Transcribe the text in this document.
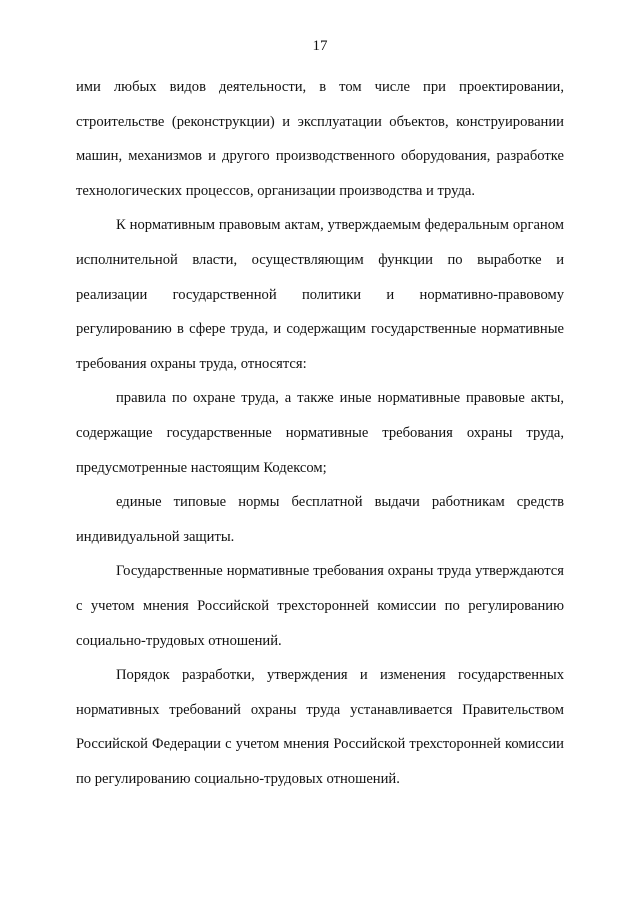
17

ими любых видов деятельности, в том числе при проектировании, строительстве (реконструкции) и эксплуатации объектов, конструировании машин, механизмов и другого производственного оборудования, разработке технологических процессов, организации производства и труда.

К нормативным правовым актам, утверждаемым федеральным органом исполнительной власти, осуществляющим функции по выработке и реализации государственной политики и нормативно-правовому регулированию в сфере труда, и содержащим государственные нормативные требования охраны труда, относятся:

правила по охране труда, а также иные нормативные правовые акты, содержащие государственные нормативные требования охраны труда, предусмотренные настоящим Кодексом;

единые типовые нормы бесплатной выдачи работникам средств индивидуальной защиты.

Государственные нормативные требования охраны труда утверждаются с учетом мнения Российской трехсторонней комиссии по регулированию социально-трудовых отношений.

Порядок разработки, утверждения и изменения государственных нормативных требований охраны труда устанавливается Правительством Российской Федерации с учетом мнения Российской трехсторонней комиссии по регулированию социально-трудовых отношений.
